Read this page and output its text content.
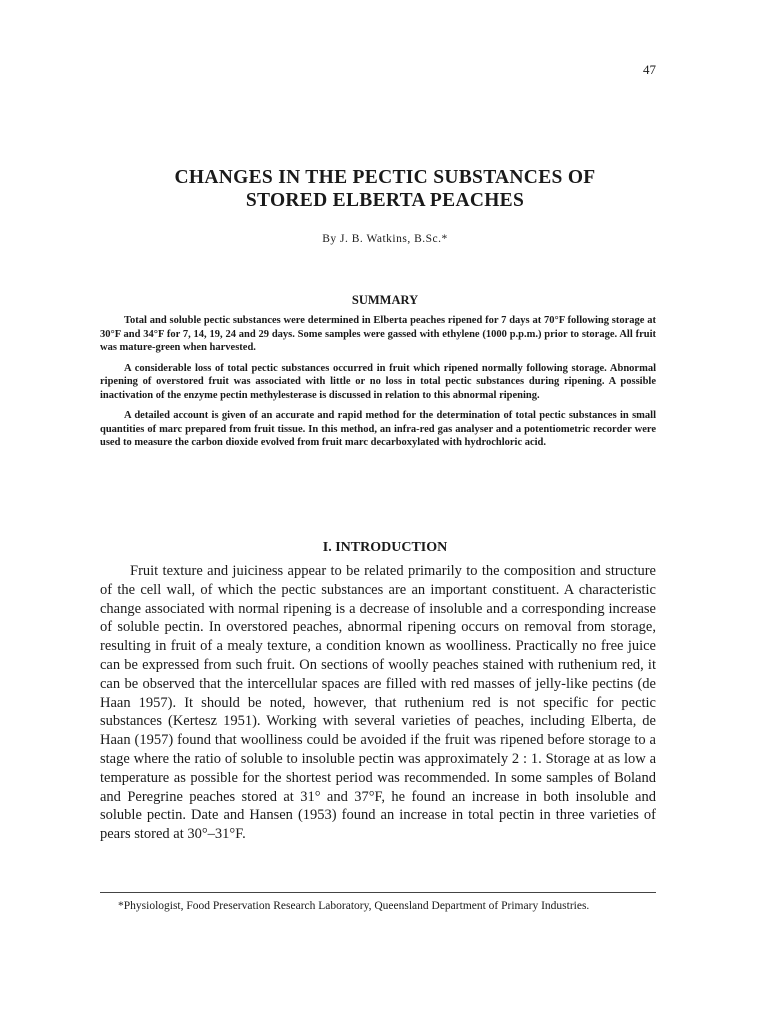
47
CHANGES IN THE PECTIC SUBSTANCES OF
STORED ELBERTA PEACHES
By J. B. Watkins, B.Sc.*
SUMMARY

Total and soluble pectic substances were determined in Elberta peaches ripened for 7 days at 70°F following storage at 30°F and 34°F for 7, 14, 19, 24 and 29 days. Some samples were gassed with ethylene (1000 p.p.m.) prior to storage. All fruit was mature-green when harvested.

A considerable loss of total pectic substances occurred in fruit which ripened normally following storage. Abnormal ripening of overstored fruit was associated with little or no loss in total pectic substances during ripening. A possible inactivation of the enzyme pectin methylesterase is discussed in relation to this abnormal ripening.

A detailed account is given of an accurate and rapid method for the determination of total pectic substances in small quantities of marc prepared from fruit tissue. In this method, an infra-red gas analyser and a potentiometric recorder were used to measure the carbon dioxide evolved from fruit marc decarboxylated with hydrochloric acid.

I. INTRODUCTION

Fruit texture and juiciness appear to be related primarily to the composition and structure of the cell wall, of which the pectic substances are an important constituent. A characteristic change associated with normal ripening is a decrease of insoluble and a corresponding increase of soluble pectin. In overstored peaches, abnormal ripening occurs on removal from storage, resulting in fruit of a mealy texture, a condition known as woolliness. Practically no free juice can be expressed from such fruit. On sections of woolly peaches stained with ruthenium red, it can be observed that the intercellular spaces are filled with red masses of jelly-like pectins (de Haan 1957). It should be noted, however, that ruthenium red is not specific for pectic substances (Kertesz 1951). Working with several varieties of peaches, including Elberta, de Haan (1957) found that woolliness could be avoided if the fruit was ripened before storage to a stage where the ratio of soluble to insoluble pectin was approximately 2 : 1. Storage at as low a temperature as possible for the shortest period was recommended. In some samples of Boland and Peregrine peaches stored at 31° and 37°F, he found an increase in both insoluble and soluble pectin. Date and Hansen (1953) found an increase in total pectin in three varieties of pears stored at 30°–31°F.

*Physiologist, Food Preservation Research Laboratory, Queensland Department of Primary Industries.
